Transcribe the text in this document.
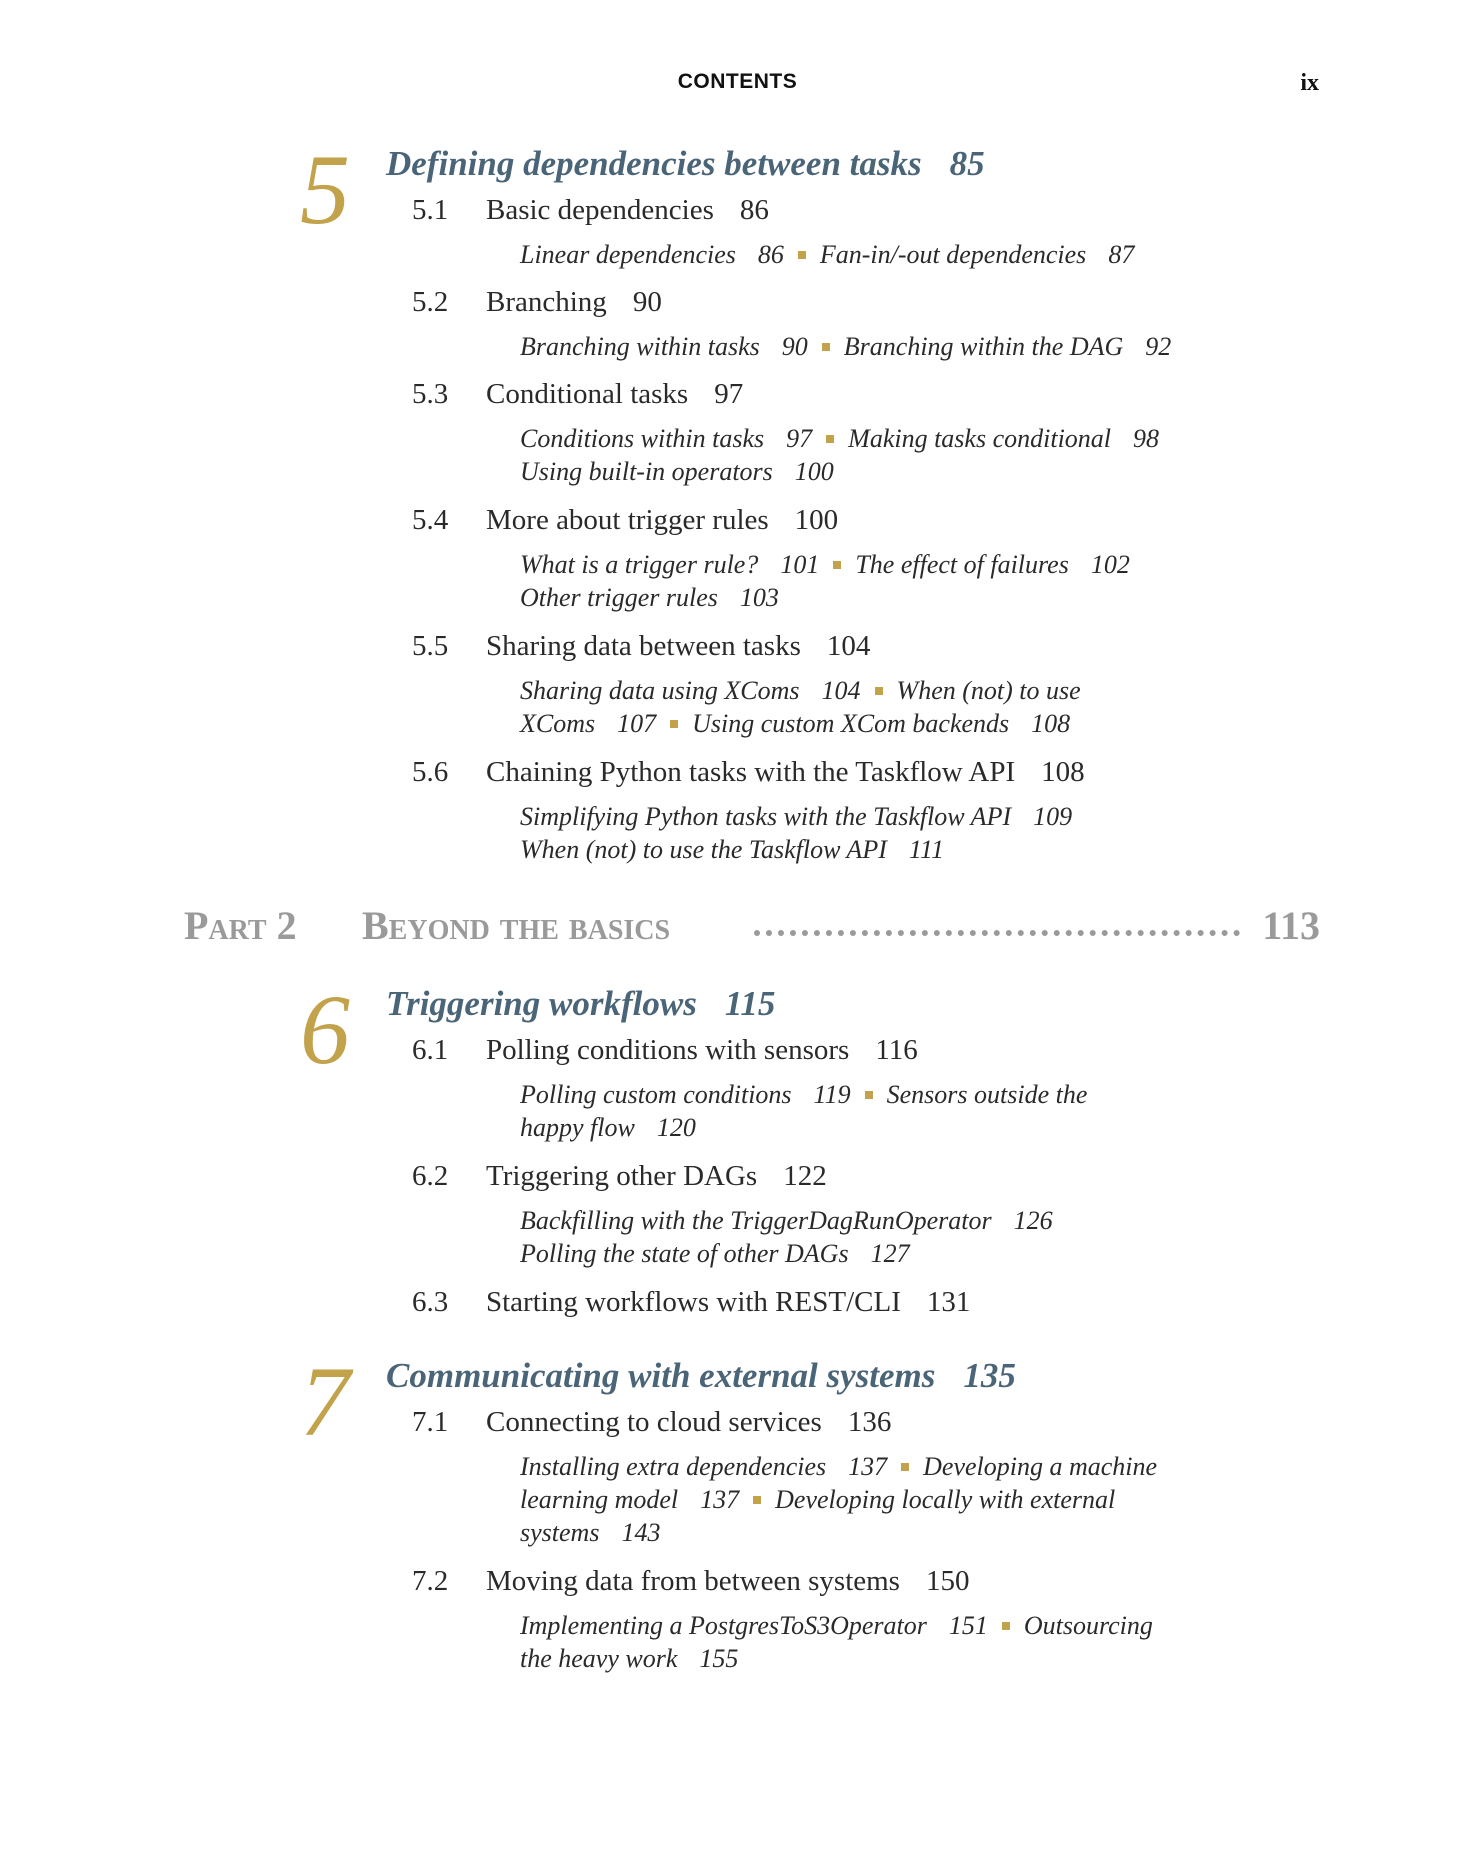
CONTENTS	ix
5 Defining dependencies between tasks 85
5.1 Basic dependencies 86
Linear dependencies 86 Fan-in/-out dependencies 87
5.2 Branching 90
Branching within tasks 90 Branching within the DAG 92
5.3 Conditional tasks 97
Conditions within tasks 97 Making tasks conditional 98
Using built-in operators 100
5.4 More about trigger rules 100
What is a trigger rule? 101 The effect of failures 102
Other trigger rules 103
5.5 Sharing data between tasks 104
Sharing data using XComs 104 When (not) to use
XComs 107 Using custom XCom backends 108
5.6 Chaining Python tasks with the Taskflow API 108
Simplifying Python tasks with the Taskflow API 109
When (not) to use the Taskflow API 111
Part 2 Beyond the basics	113
6 Triggering workflows 115
6.1 Polling conditions with sensors 116
Polling custom conditions 119 Sensors outside the
happy flow 120
6.2 Triggering other DAGs 122
Backfilling with the TriggerDagRunOperator 126
Polling the state of other DAGs 127
6.3 Starting workflows with REST/CLI 131
7 Communicating with external systems 135
7.1 Connecting to cloud services 136
Installing extra dependencies 137 Developing a machine
learning model 137 Developing locally with external
systems 143
7.2 Moving data from between systems 150
Implementing a PostgresToS3Operator 151 Outsourcing
the heavy work 155
